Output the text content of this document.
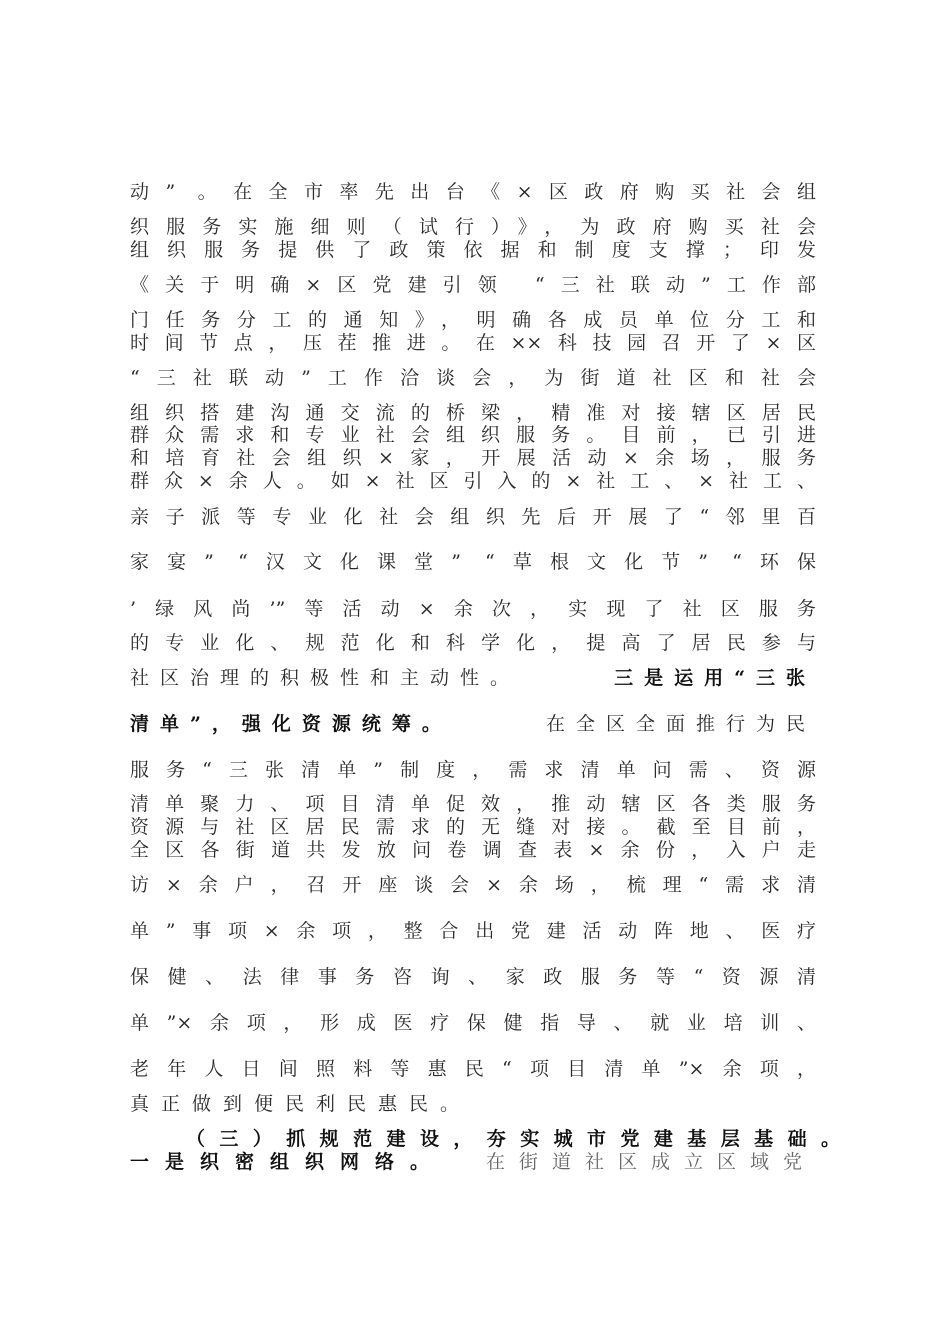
动” 。在全市率先出台《×区政府购买社会组
织服务实施细则（试行）》，为政府购买社会
组织服务提供了政策依据和制度支撑；印发
《关于明确×区党建引领 “三社联动”工作部
门任务分工的通知》，明确各成员单位分工和
时间节点，压茬推进。在××科技园召开了×区
“三社联动”工作洽谈会，为街道社区和社会
组织搭建沟通交流的桥梁，精准对接辖区居民
群众需求和专业社会组织服务。目前，已引进
和培育社会组织×家，开展活动×余场，服务
群众×余人。如×社区引入的×社工、×社工、
亲子派等专业化社会组织先后开展了“邻里百
家宴” “汉文化课堂” “草根文化节” “环保
’绿风尚’”等活动×余次，实现了社区服务
的专业化、规范化和科学化，提高了居民参与
社区治理的积极性和主动性。	三是运用“三张
清单”，强化资源统筹。	在全区全面推行为民
服务“三张清单”制度，需求清单问需、资源
清单聚力、项目清单促效，推动辖区各类服务
资源与社区居民需求的无缝对接。截至目前，
全区各街道共发放问卷调查表×余份，入户走
访×余户，召开座谈会×余场，梳理“需求清
单”事项×余项，整合出党建活动阵地、医疗
保健、法律事务咨询、家政服务等“资源清
单”×余项，形成医疗保健指导、就业培训、
老年人日间照料等惠民“项目清单”×余项，
真正做到便民利民惠民。
（三）抓规范建设，夯实城市党建基层基础。
一是织密组织网络。 在街道社区成立区域党
